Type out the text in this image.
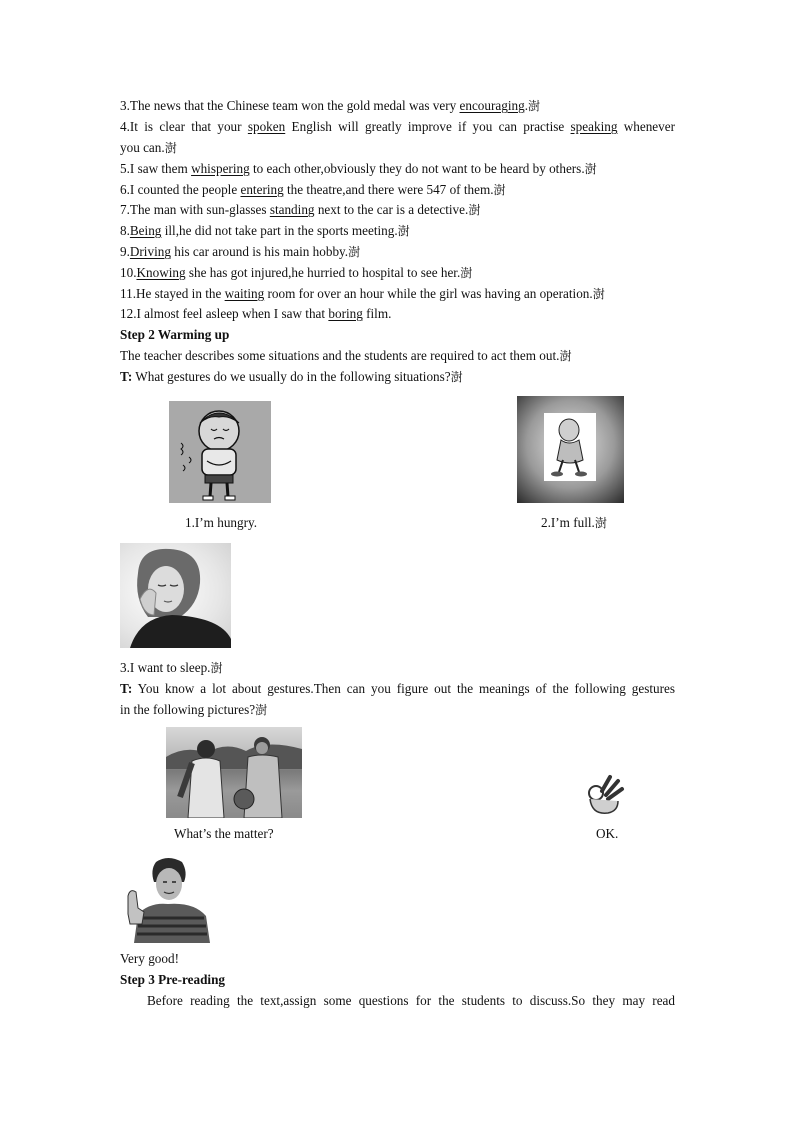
3.The news that the Chinese team won the gold medal was very encouraging.澍
4.It is clear that your spoken English will greatly improve if you can practise speaking whenever
you can.澍
5.I saw them whispering to each other,obviously they do not want to be heard by others.澍
6.I counted the people entering the theatre,and there were 547 of them.澍
7.The man with sun-glasses standing next to the car is a detective.澍
8.Being ill,he did not take part in the sports meeting.澍
9.Driving his car around is his main hobby.澍
10.Knowing she has got injured,he hurried to hospital to see her.澍
11.He stayed in the waiting room for over an hour while the girl was having an operation.澍
12.I almost feel asleep when I saw that boring film.
Step 2 Warming up
The teacher describes some situations and the students are required to act them out.澍
T: What gestures do we usually do in the following situations?澍
1.I’m hungry.	2.I’m full.澍
3.I want to sleep.澍
T: You know a lot about gestures.Then can you figure out the meanings of the following gestures
in the following pictures?澍
What’s the matter?	OK.
Very good!
Step 3 Pre-reading
Before reading the text,assign some questions for the students to discuss.So they may read
